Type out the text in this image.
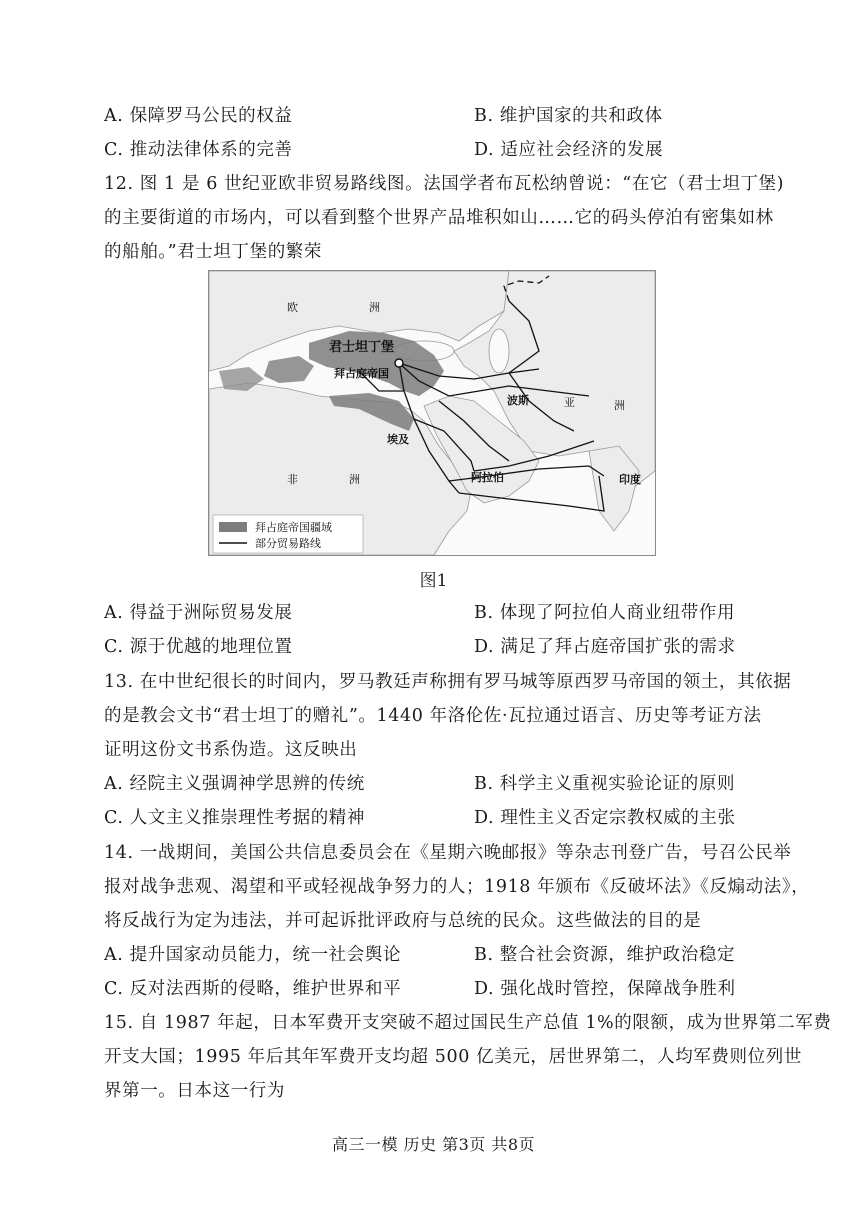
A. 保障罗马公民的权益	B. 维护国家的共和政体
C. 推动法律体系的完善	D. 适应社会经济的发展
12. 图 1 是 6 世纪亚欧非贸易路线图。法国学者布瓦松纳曾说：“在它（君士坦丁堡)
的主要街道的市场内，可以看到整个世界产品堆积如山……它的码头停泊有密集如林
的船舶。”君士坦丁堡的繁荣
欧	洲
君士坦丁堡
拜占庭帝国
波斯	亚	洲
埃及
阿拉伯	印度
非	洲
拜占庭帝国疆域
部分贸易路线
图1
A. 得益于洲际贸易发展	B. 体现了阿拉伯人商业纽带作用
C. 源于优越的地理位置	D. 满足了拜占庭帝国扩张的需求
13. 在中世纪很长的时间内，罗马教廷声称拥有罗马城等原西罗马帝国的领土，其依据
的是教会文书“君士坦丁的赠礼”。1440 年洛伦佐·瓦拉通过语言、历史等考证方法
证明这份文书系伪造。这反映出
A. 经院主义强调神学思辨的传统	B. 科学主义重视实验论证的原则
C. 人文主义推崇理性考据的精神	D. 理性主义否定宗教权威的主张
14. 一战期间，美国公共信息委员会在《星期六晚邮报》等杂志刊登广告，号召公民举
报对战争悲观、渴望和平或轻视战争努力的人；1918 年颁布《反破坏法》《反煽动法》，
将反战行为定为违法，并可起诉批评政府与总统的民众。这些做法的目的是
A. 提升国家动员能力，统一社会舆论	B. 整合社会资源，维护政治稳定
C. 反对法西斯的侵略，维护世界和平	D. 强化战时管控，保障战争胜利
15. 自 1987 年起，日本军费开支突破不超过国民生产总值 1%的限额，成为世界第二军费
开支大国；1995 年后其年军费开支均超 500 亿美元，居世界第二，人均军费则位列世
界第一。日本这一行为
高三一模 历史 第3页 共8页
